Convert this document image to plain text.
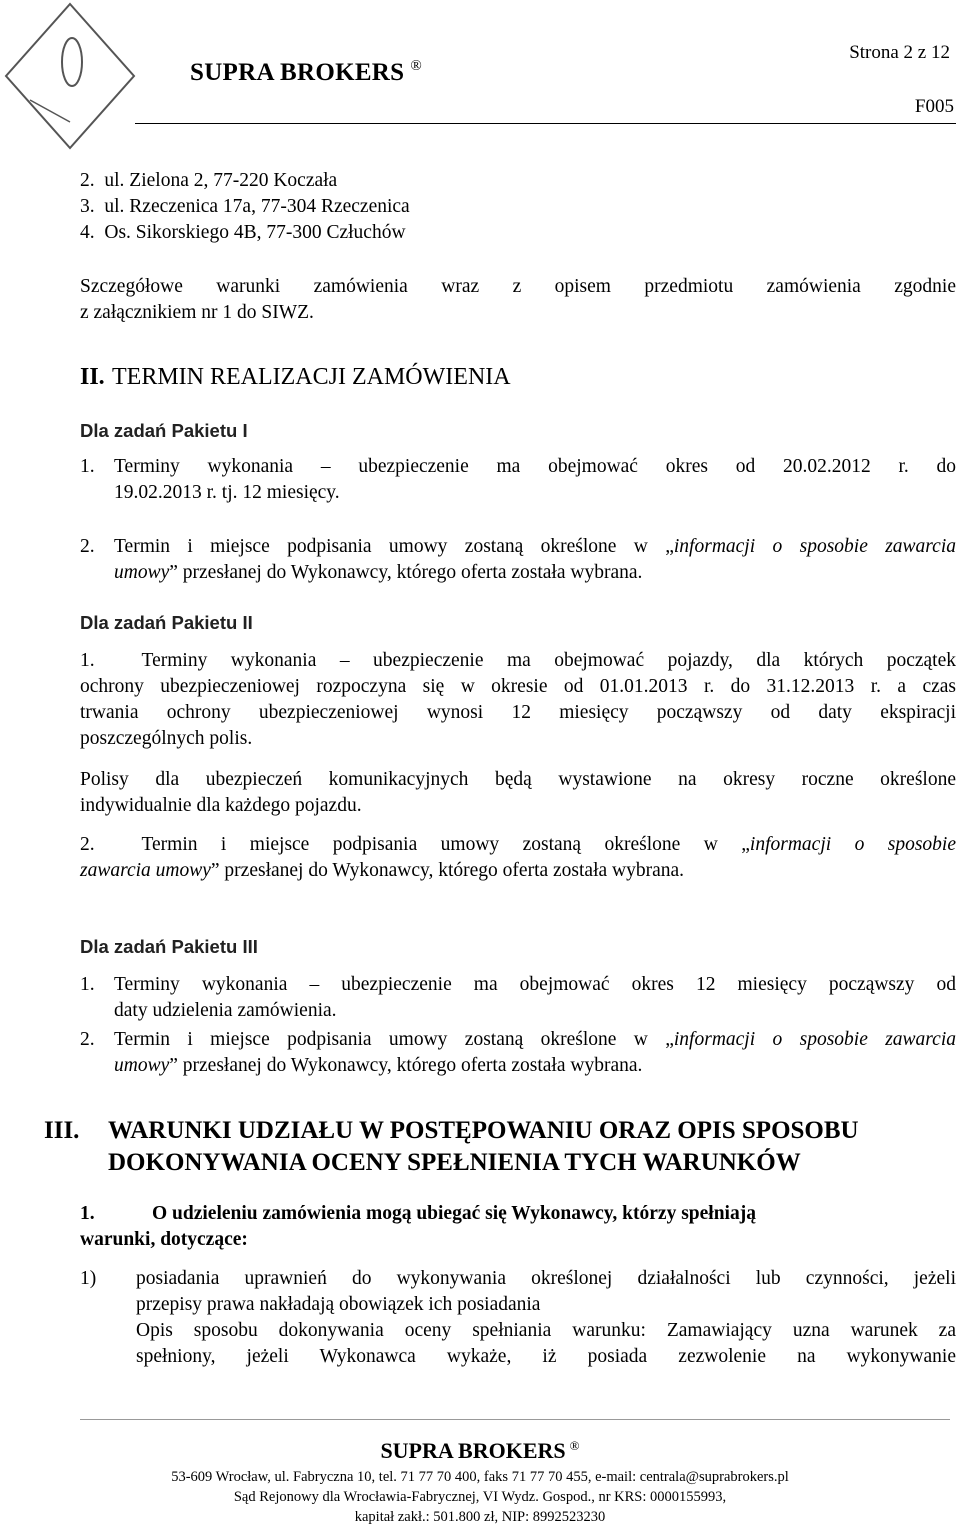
SUPRA BROKERS ®
Strona 2 z 12
F005
2.  ul. Zielona 2, 77-220 Koczała
3.  ul. Rzeczenica 17a, 77-304 Rzeczenica
4.  Os. Sikorskiego 4B, 77-300 Człuchów
Szczegółowe warunki zamówienia wraz z opisem przedmiotu zamówienia zgodnie
z załącznikiem nr 1 do SIWZ.
II. TERMIN REALIZACJI ZAMÓWIENIA
Dla zadań Pakietu I
1. Terminy wykonania – ubezpieczenie ma obejmować okres od 20.02.2012 r. do
19.02.2013 r. tj. 12 miesięcy.
2. Termin i miejsce podpisania umowy zostaną określone w „informacji o sposobie zawarcia
umowy” przesłanej do Wykonawcy, którego oferta została wybrana.
Dla zadań Pakietu II
1.  Terminy wykonania – ubezpieczenie ma obejmować pojazdy, dla których początek
ochrony ubezpieczeniowej rozpoczyna się w okresie od 01.01.2013 r. do 31.12.2013 r. a czas
trwania ochrony ubezpieczeniowej wynosi 12 miesięcy począwszy od daty ekspiracji
poszczególnych polis.
Polisy dla ubezpieczeń komunikacyjnych będą wystawione na okresy roczne określone
indywidualnie dla każdego pojazdu.
2.  Termin i miejsce podpisania umowy zostaną określone w „informacji o sposobie
zawarcia umowy” przesłanej do Wykonawcy, którego oferta została wybrana.
Dla zadań Pakietu III
1. Terminy wykonania – ubezpieczenie ma obejmować okres 12 miesięcy począwszy od
daty udzielenia zamówienia.
2. Termin i miejsce podpisania umowy zostaną określone w „informacji o sposobie zawarcia
umowy” przesłanej do Wykonawcy, którego oferta została wybrana.
III. WARUNKI UDZIAŁU W POSTĘPOWANIU ORAZ OPIS SPOSOBU
DOKONYWANIA OCENY SPEŁNIENIA TYCH WARUNKÓW
1.	O udzieleniu zamówienia mogą ubiegać się Wykonawcy, którzy spełniają
warunki, dotyczące:
1) posiadania uprawnień do wykonywania określonej działalności lub czynności, jeżeli
przepisy prawa nakładają obowiązek ich posiadania
Opis sposobu dokonywania oceny spełniania warunku: Zamawiający uzna warunek za
spełniony, jeżeli Wykonawca wykaże, iż posiada zezwolenie na wykonywanie
SUPRA BROKERS ®
53-609 Wrocław, ul. Fabryczna 10, tel. 71 77 70 400, faks 71 77 70 455, e-mail: centrala@suprabrokers.pl
Sąd Rejonowy dla Wrocławia-Fabrycznej, VI Wydz. Gospod., nr KRS: 0000155993,
kapitał zakł.: 501.800 zł, NIP: 8992523230
